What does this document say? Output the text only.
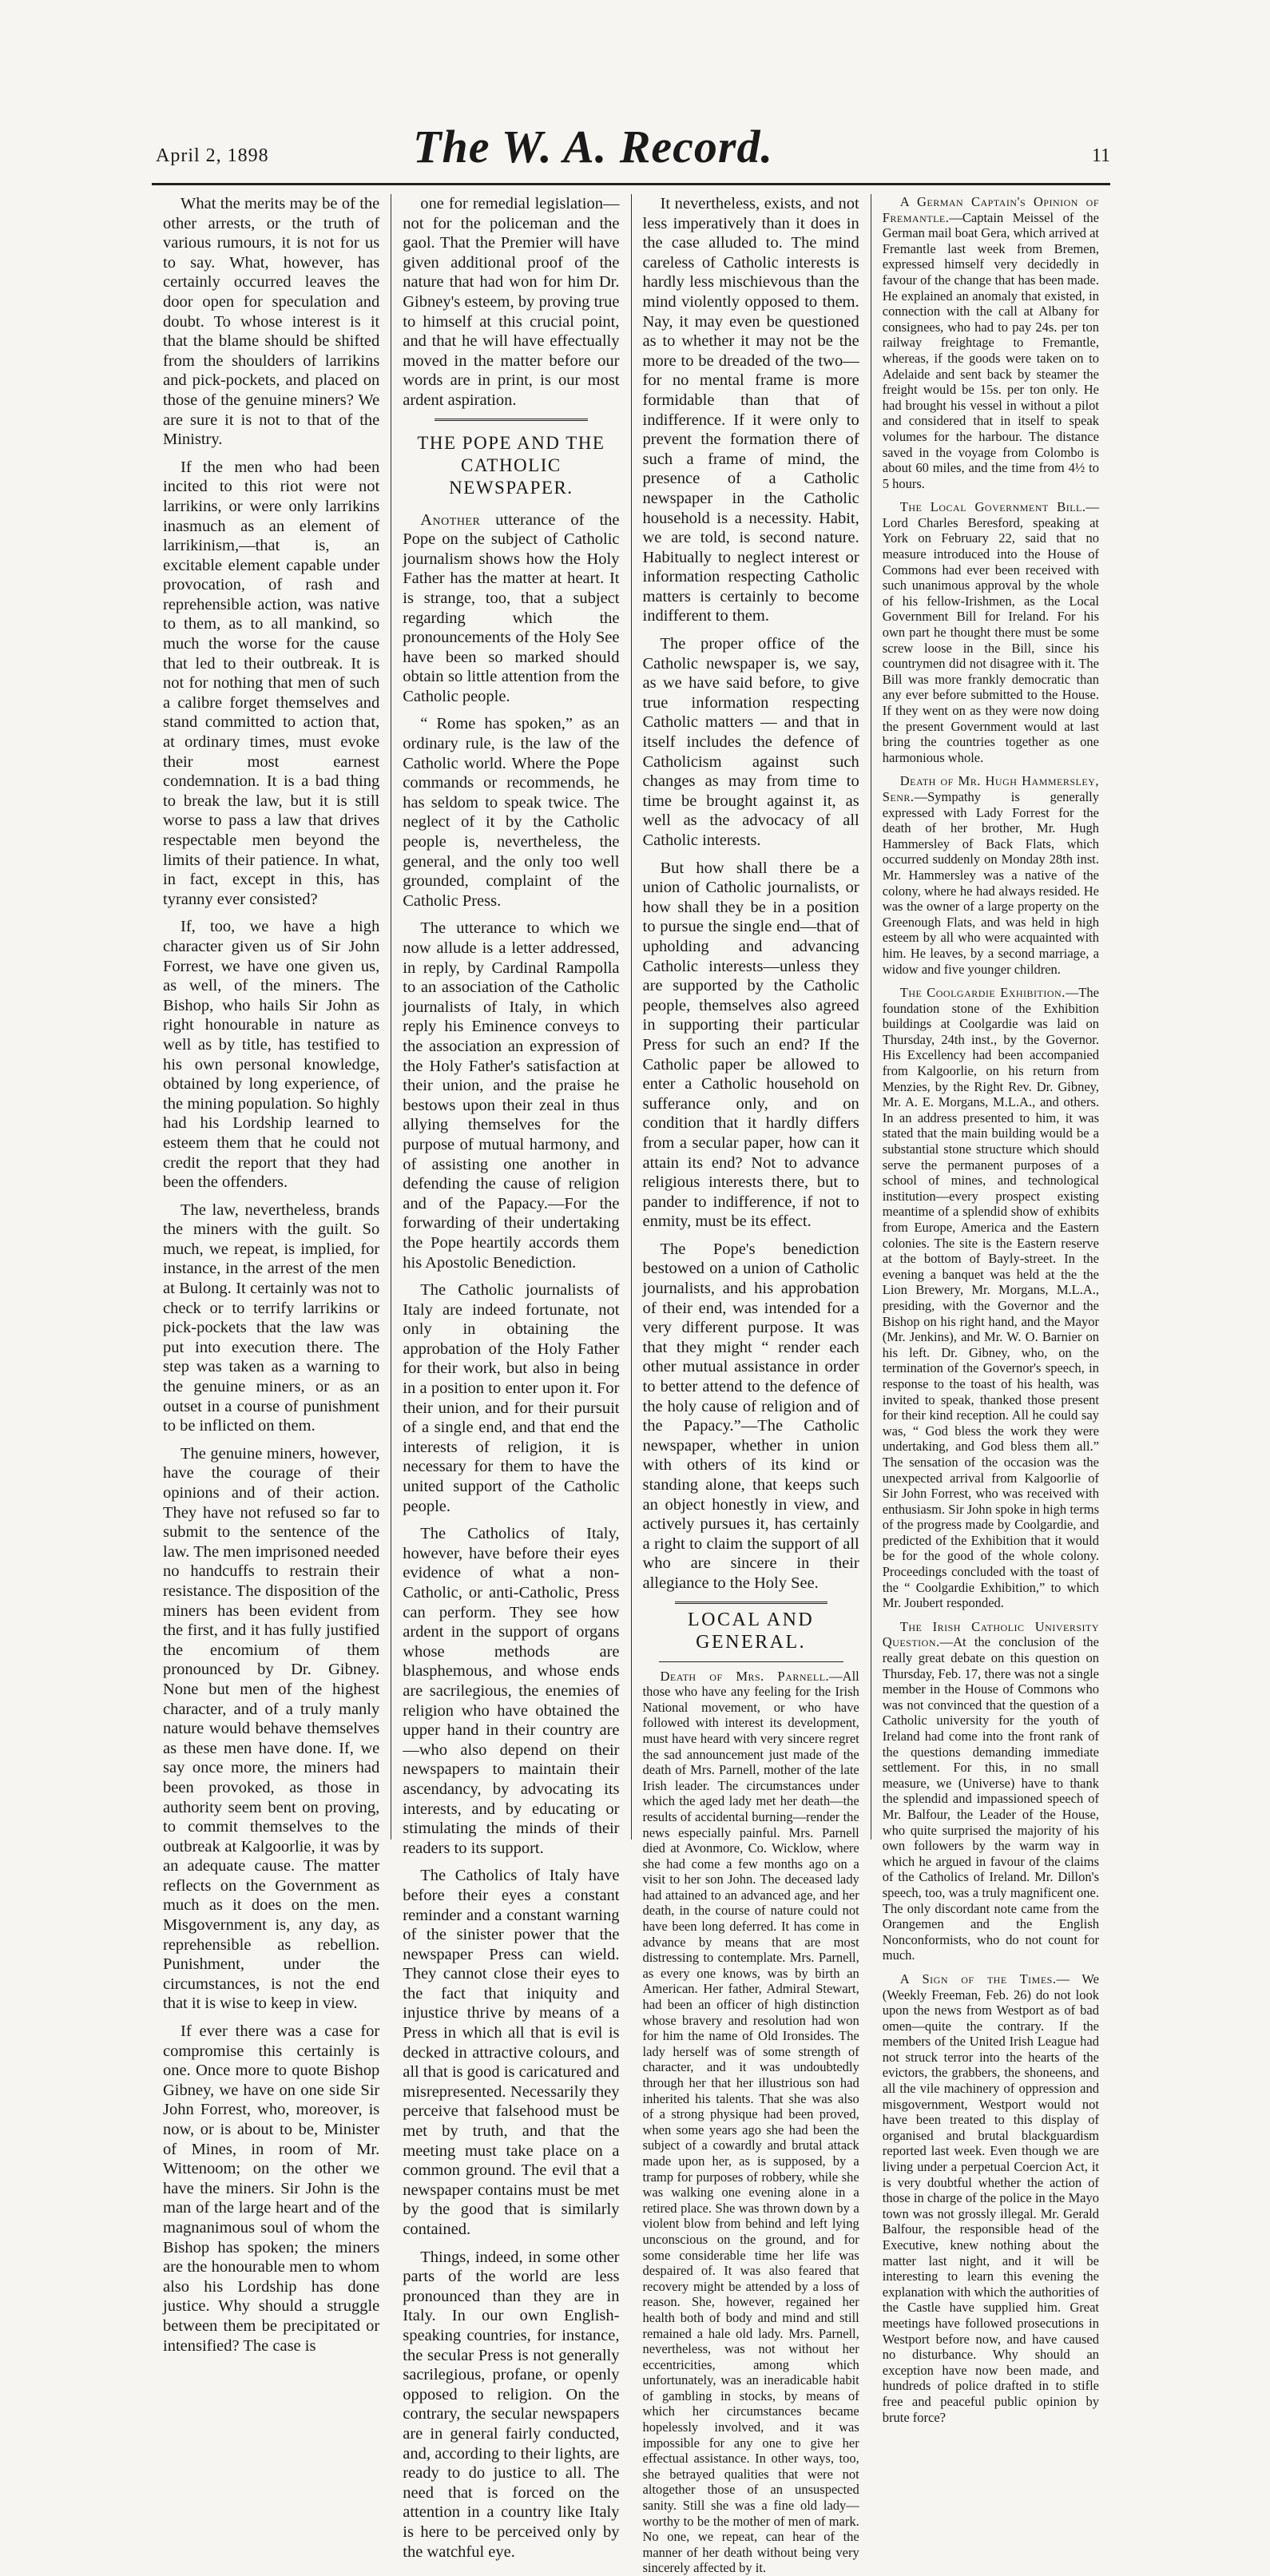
April 2, 1898	The W. A. Record.	11

What the merits may be of the other arrests, or the truth of various rumours, it is not for us to say. What, however, has certainly occurred leaves the door open for speculation and doubt. To whose interest is it that the blame should be shifted from the shoulders of larrikins and pick-pockets, and placed on those of the genuine miners? We are sure it is not to that of the Ministry.

If the men who had been incited to this riot were not larrikins, or were only larrikins inasmuch as an element of larrikinism,—that is, an excitable element capable under provocation, of rash and reprehensible action, was native to them, as to all mankind, so much the worse for the cause that led to their outbreak. It is not for nothing that men of such a calibre forget themselves and stand committed to action that, at ordinary times, must evoke their most earnest condemnation. It is a bad thing to break the law, but it is still worse to pass a law that drives respectable men beyond the limits of their patience. In what, in fact, except in this, has tyranny ever consisted?

If, too, we have a high character given us of Sir John Forrest, we have one given us, as well, of the miners. The Bishop, who hails Sir John as right honourable in nature as well as by title, has testified to his own personal knowledge, obtained by long experience, of the mining population. So highly had his Lordship learned to esteem them that he could not credit the report that they had been the offenders.

The law, nevertheless, brands the miners with the guilt. So much, we repeat, is implied, for instance, in the arrest of the men at Bulong. It certainly was not to check or to terrify larrikins or pick-pockets that the law was put into execution there. The step was taken as a warning to the genuine miners, or as an outset in a course of punishment to be inflicted on them.

The genuine miners, however, have the courage of their opinions and of their action. They have not refused so far to submit to the sentence of the law. The men imprisoned needed no handcuffs to restrain their resistance. The disposition of the miners has been evident from the first, and it has fully justified the encomium of them pronounced by Dr. Gibney. None but men of the highest character, and of a truly manly nature would behave themselves as these men have done. If, we say once more, the miners had been provoked, as those in authority seem bent on proving, to commit themselves to the outbreak at Kalgoorlie, it was by an adequate cause. The matter reflects on the Government as much as it does on the men. Misgovernment is, any day, as reprehensible as rebellion. Punishment, under the circumstances, is not the end that it is wise to keep in view.

If ever there was a case for compromise this certainly is one. Once more to quote Bishop Gibney, we have on one side Sir John Forrest, who, moreover, is now, or is about to be, Minister of Mines, in room of Mr. Wittenoom; on the other we have the miners. Sir John is the man of the large heart and of the magnanimous soul of whom the Bishop has spoken; the miners are the honourable men to whom also his Lordship has done justice. Why should a struggle between them be precipitated or intensified? The case is

one for remedial legislation—not for the policeman and the gaol. That the Premier will have given additional proof of the nature that had won for him Dr. Gibney's esteem, by proving true to himself at this crucial point, and that he will have effectually moved in the matter before our words are in print, is our most ardent aspiration.

THE POPE AND THE CATHOLIC NEWSPAPER.

Another utterance of the Pope on the subject of Catholic journalism shows how the Holy Father has the matter at heart. It is strange, too, that a subject regarding which the pronouncements of the Holy See have been so marked should obtain so little attention from the Catholic people.

“ Rome has spoken,” as an ordinary rule, is the law of the Catholic world. Where the Pope commands or recommends, he has seldom to speak twice. The neglect of it by the Catholic people is, nevertheless, the general, and the only too well grounded, complaint of the Catholic Press.

The utterance to which we now allude is a letter addressed, in reply, by Cardinal Rampolla to an association of the Catholic journalists of Italy, in which reply his Eminence conveys to the association an expression of the Holy Father's satisfaction at their union, and the praise he bestows upon their zeal in thus allying themselves for the purpose of mutual harmony, and of assisting one another in defending the cause of religion and of the Papacy.—For the forwarding of their undertaking the Pope heartily accords them his Apostolic Benediction.

The Catholic journalists of Italy are indeed fortunate, not only in obtaining the approbation of the Holy Father for their work, but also in being in a position to enter upon it. For their union, and for their pursuit of a single end, and that end the interests of religion, it is necessary for them to have the united support of the Catholic people.

The Catholics of Italy, however, have before their eyes evidence of what a non-Catholic, or anti-Catholic, Press can perform. They see how ardent in the support of organs whose methods are blasphemous, and whose ends are sacrilegious, the enemies of religion who have obtained the upper hand in their country are—who also depend on their newspapers to maintain their ascendancy, by advocating its interests, and by educating or stimulating the minds of their readers to its support.

The Catholics of Italy have before their eyes a constant reminder and a constant warning of the sinister power that the newspaper Press can wield. They cannot close their eyes to the fact that iniquity and injustice thrive by means of a Press in which all that is evil is decked in attractive colours, and all that is good is caricatured and misrepresented. Necessarily they perceive that falsehood must be met by truth, and that the meeting must take place on a common ground. The evil that a newspaper contains must be met by the good that is similarly contained.

Things, indeed, in some other parts of the world are less pronounced than they are in Italy. In our own English-speaking countries, for instance, the secular Press is not generally sacrilegious, profane, or openly opposed to religion. On the contrary, the secular newspapers are in general fairly conducted, and, according to their lights, are ready to do justice to all. The need that is forced on the attention in a country like Italy is here to be perceived only by the watchful eye.

It nevertheless, exists, and not less imperatively than it does in the case alluded to. The mind careless of Catholic interests is hardly less mischievous than the mind violently opposed to them. Nay, it may even be questioned as to whether it may not be the more to be dreaded of the two—for no mental frame is more formidable than that of indifference. If it were only to prevent the formation there of such a frame of mind, the presence of a Catholic newspaper in the Catholic household is a necessity. Habit, we are told, is second nature. Habitually to neglect interest or information respecting Catholic matters is certainly to become indifferent to them.

The proper office of the Catholic newspaper is, we say, as we have said before, to give true information respecting Catholic matters — and that in itself includes the defence of Catholicism against such changes as may from time to time be brought against it, as well as the advocacy of all Catholic interests.

But how shall there be a union of Catholic journalists, or how shall they be in a position to pursue the single end—that of upholding and advancing Catholic interests—unless they are supported by the Catholic people, themselves also agreed in supporting their particular Press for such an end? If the Catholic paper be allowed to enter a Catholic household on sufferance only, and on condition that it hardly differs from a secular paper, how can it attain its end? Not to advance religious interests there, but to pander to indifference, if not to enmity, must be its effect.

The Pope's benediction bestowed on a union of Catholic journalists, and his approbation of their end, was intended for a very different purpose. It was that they might “ render each other mutual assistance in order to better attend to the defence of the holy cause of religion and of the Papacy.”—The Catholic newspaper, whether in union with others of its kind or standing alone, that keeps such an object honestly in view, and actively pursues it, has certainly a right to claim the support of all who are sincere in their allegiance to the Holy See.

LOCAL AND GENERAL.

Death of Mrs. Parnell.—All those who have any feeling for the Irish National movement, or who have followed with interest its development, must have heard with very sincere regret the sad announcement just made of the death of Mrs. Parnell, mother of the late Irish leader. The circumstances under which the aged lady met her death—the results of accidental burning—render the news especially painful. Mrs. Parnell died at Avonmore, Co. Wicklow, where she had come a few months ago on a visit to her son John. The deceased lady had attained to an advanced age, and her death, in the course of nature could not have been long deferred. It has come in advance by means that are most distressing to contemplate. Mrs. Parnell, as every one knows, was by birth an American. Her father, Admiral Stewart, had been an officer of high distinction whose bravery and resolution had won for him the name of Old Ironsides. The lady herself was of some strength of character, and it was undoubtedly through her that her illustrious son had inherited his talents. That she was also of a strong physique had been proved, when some years ago she had been the subject of a cowardly and brutal attack made upon her, as is supposed, by a tramp for purposes of robbery, while she was walking one evening alone in a retired place. She was thrown down by a violent blow from behind and left lying unconscious on the ground, and for some considerable time her life was despaired of. It was also feared that recovery might be attended by a loss of reason. She, however, regained her health both of body and mind and still remained a hale old lady. Mrs. Parnell, nevertheless, was not without her eccentricities, among which unfortunately, was an ineradicable habit of gambling in stocks, by means of which her circumstances became hopelessly involved, and it was impossible for any one to give her effectual assistance. In other ways, too, she betrayed qualities that were not altogether those of an unsuspected sanity. Still she was a fine old lady—worthy to be the mother of men of mark. No one, we repeat, can hear of the manner of her death without being very sincerely affected by it.

A German Captain's Opinion of Fremantle.—Captain Meissel of the German mail boat Gera, which arrived at Fremantle last week from Bremen, expressed himself very decidedly in favour of the change that has been made. He explained an anomaly that existed, in connection with the call at Albany for consignees, who had to pay 24s. per ton railway freightage to Fremantle, whereas, if the goods were taken on to Adelaide and sent back by steamer the freight would be 15s. per ton only. He had brought his vessel in without a pilot and considered that in itself to speak volumes for the harbour. The distance saved in the voyage from Colombo is about 60 miles, and the time from 4½ to 5 hours.

The Local Government Bill.—Lord Charles Beresford, speaking at York on February 22, said that no measure introduced into the House of Commons had ever been received with such unanimous approval by the whole of his fellow-Irishmen, as the Local Government Bill for Ireland. For his own part he thought there must be some screw loose in the Bill, since his countrymen did not disagree with it. The Bill was more frankly democratic than any ever before submitted to the House. If they went on as they were now doing the present Government would at last bring the countries together as one harmonious whole.

Death of Mr. Hugh Hammersley, Senr.—Sympathy is generally expressed with Lady Forrest for the death of her brother, Mr. Hugh Hammersley of Back Flats, which occurred suddenly on Monday 28th inst. Mr. Hammersley was a native of the colony, where he had always resided. He was the owner of a large property on the Greenough Flats, and was held in high esteem by all who were acquainted with him. He leaves, by a second marriage, a widow and five younger children.

The Coolgardie Exhibition.—The foundation stone of the Exhibition buildings at Coolgardie was laid on Thursday, 24th inst., by the Governor. His Excellency had been accompanied from Kalgoorlie, on his return from Menzies, by the Right Rev. Dr. Gibney, Mr. A. E. Morgans, M.L.A., and others. In an address presented to him, it was stated that the main building would be a substantial stone structure which should serve the permanent purposes of a school of mines, and technological institution—every prospect existing meantime of a splendid show of exhibits from Europe, America and the Eastern colonies. The site is the Eastern reserve at the bottom of Bayly-street. In the evening a banquet was held at the the Lion Brewery, Mr. Morgans, M.L.A., presiding, with the Governor and the Bishop on his right hand, and the Mayor (Mr. Jenkins), and Mr. W. O. Barnier on his left. Dr. Gibney, who, on the termination of the Governor's speech, in response to the toast of his health, was invited to speak, thanked those present for their kind reception. All he could say was, “ God bless the work they were undertaking, and God bless them all.” The sensation of the occasion was the unexpected arrival from Kalgoorlie of Sir John Forrest, who was received with enthusiasm. Sir John spoke in high terms of the progress made by Coolgardie, and predicted of the Exhibition that it would be for the good of the whole colony. Proceedings concluded with the toast of the “ Coolgardie Exhibition,” to which Mr. Joubert responded.

The Irish Catholic University Question.—At the conclusion of the really great debate on this question on Thursday, Feb. 17, there was not a single member in the House of Commons who was not convinced that the question of a Catholic university for the youth of Ireland had come into the front rank of the questions demanding immediate settlement. For this, in no small measure, we (Universe) have to thank the splendid and impassioned speech of Mr. Balfour, the Leader of the House, who quite surprised the majority of his own followers by the warm way in which he argued in favour of the claims of the Catholics of Ireland. Mr. Dillon's speech, too, was a truly magnificent one. The only discordant note came from the Orangemen and the English Nonconformists, who do not count for much.

A Sign of the Times.— We (Weekly Freeman, Feb. 26) do not look upon the news from Westport as of bad omen—quite the contrary. If the members of the United Irish League had not struck terror into the hearts of the evictors, the grabbers, the shoneens, and all the vile machinery of oppression and misgovernment, Westport would not have been treated to this display of organised and brutal blackguardism reported last week. Even though we are living under a perpetual Coercion Act, it is very doubtful whether the action of those in charge of the police in the Mayo town was not grossly illegal. Mr. Gerald Balfour, the responsible head of the Executive, knew nothing about the matter last night, and it will be interesting to learn this evening the explanation with which the authorities of the Castle have supplied him. Great meetings have followed prosecutions in Westport before now, and have caused no disturbance. Why should an exception have now been made, and hundreds of police drafted in to stifle free and peaceful public opinion by brute force?
